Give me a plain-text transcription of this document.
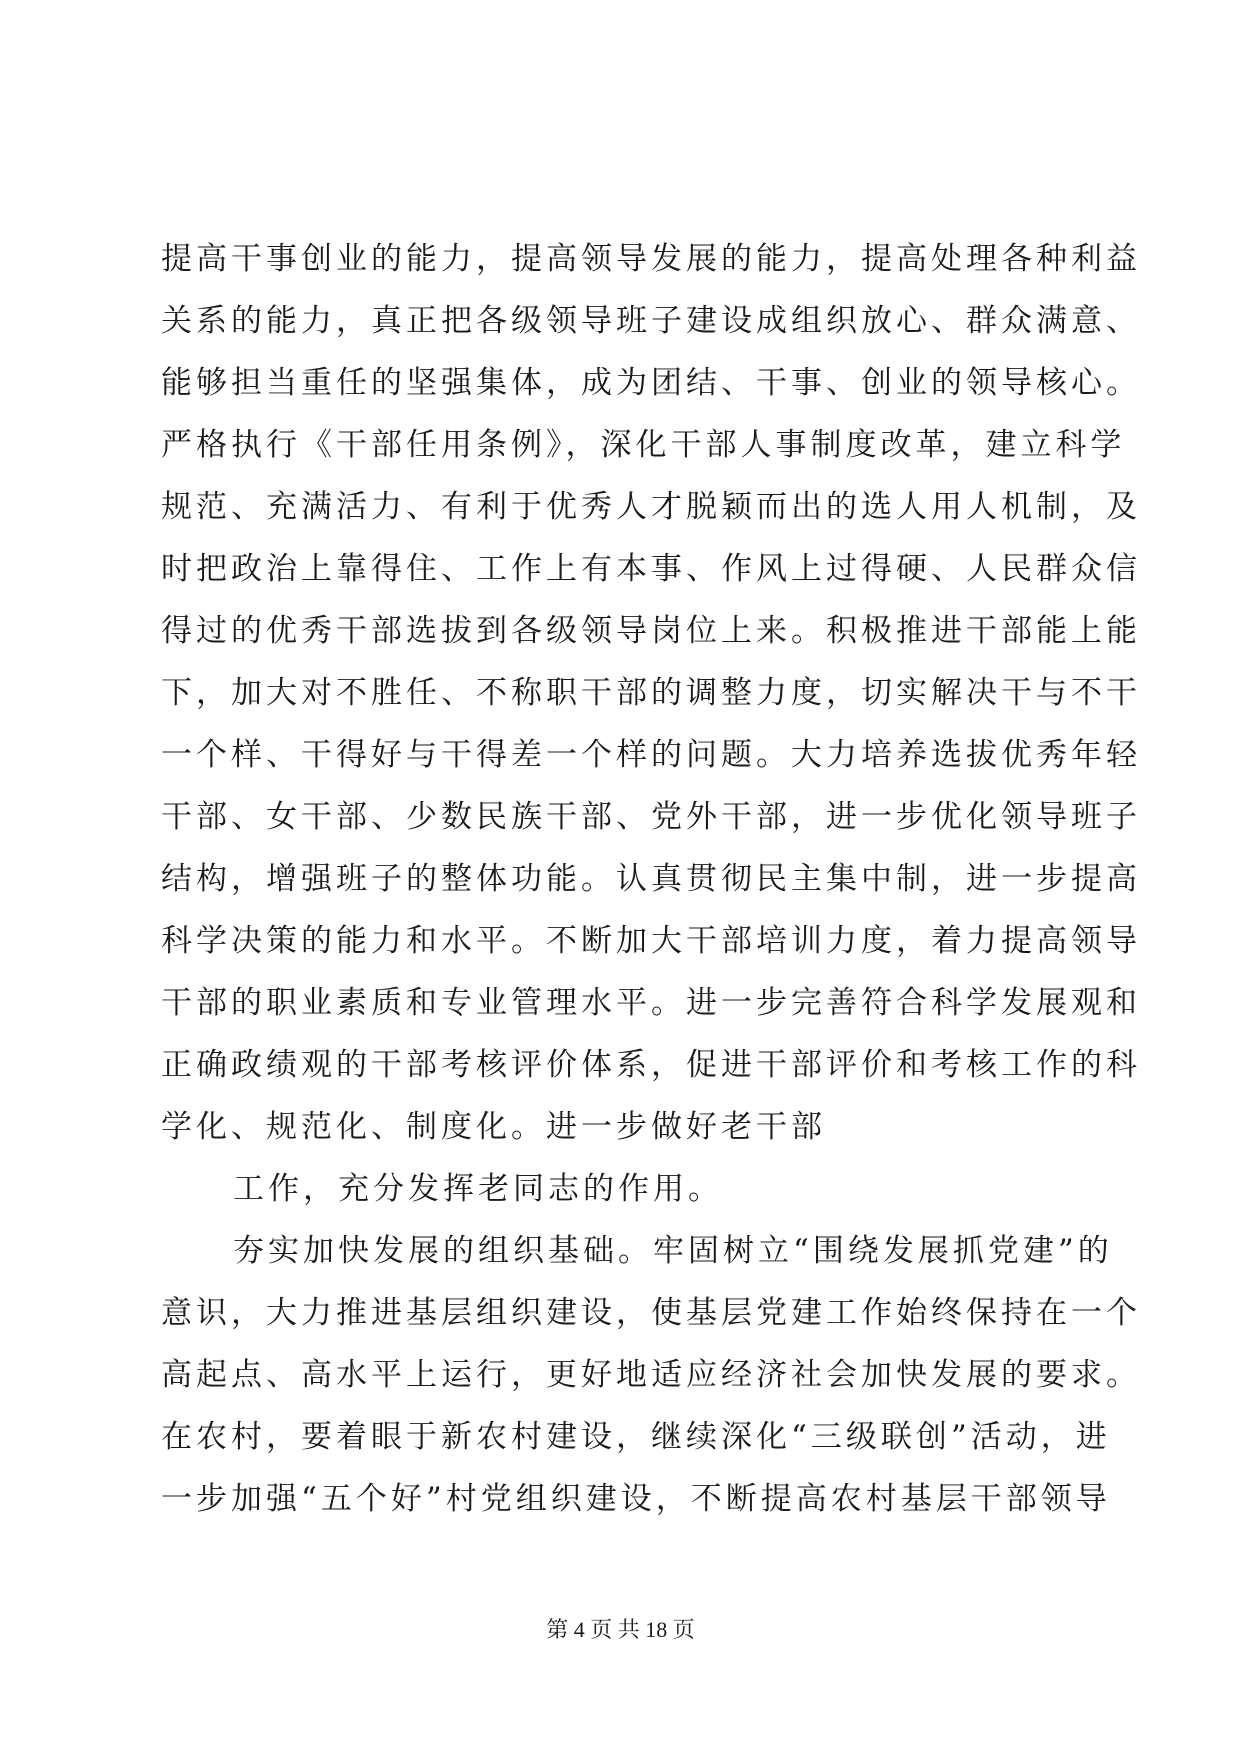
提高干事创业的能力，提高领导发展的能力，提高处理各种利益
关系的能力，真正把各级领导班子建设成组织放心、群众满意、
能够担当重任的坚强集体，成为团结、干事、创业的领导核心。
严格执行《干部任用条例》，深化干部人事制度改革，建立科学
规范、充满活力、有利于优秀人才脱颖而出的选人用人机制，及
时把政治上靠得住、工作上有本事、作风上过得硬、人民群众信
得过的优秀干部选拔到各级领导岗位上来。积极推进干部能上能
下，加大对不胜任、不称职干部的调整力度，切实解决干与不干
一个样、干得好与干得差一个样的问题。大力培养选拔优秀年轻
干部、女干部、少数民族干部、党外干部，进一步优化领导班子
结构，增强班子的整体功能。认真贯彻民主集中制，进一步提高
科学决策的能力和水平。不断加大干部培训力度，着力提高领导
干部的职业素质和专业管理水平。进一步完善符合科学发展观和
正确政绩观的干部考核评价体系，促进干部评价和考核工作的科
学化、规范化、制度化。进一步做好老干部
工作，充分发挥老同志的作用。
夯实加快发展的组织基础。牢固树立“围绕发展抓党建”的
意识，大力推进基层组织建设，使基层党建工作始终保持在一个
高起点、高水平上运行，更好地适应经济社会加快发展的要求。
在农村，要着眼于新农村建设，继续深化“三级联创”活动，进
一步加强“五个好”村党组织建设，不断提高农村基层干部领导
第 4 页 共 18 页
